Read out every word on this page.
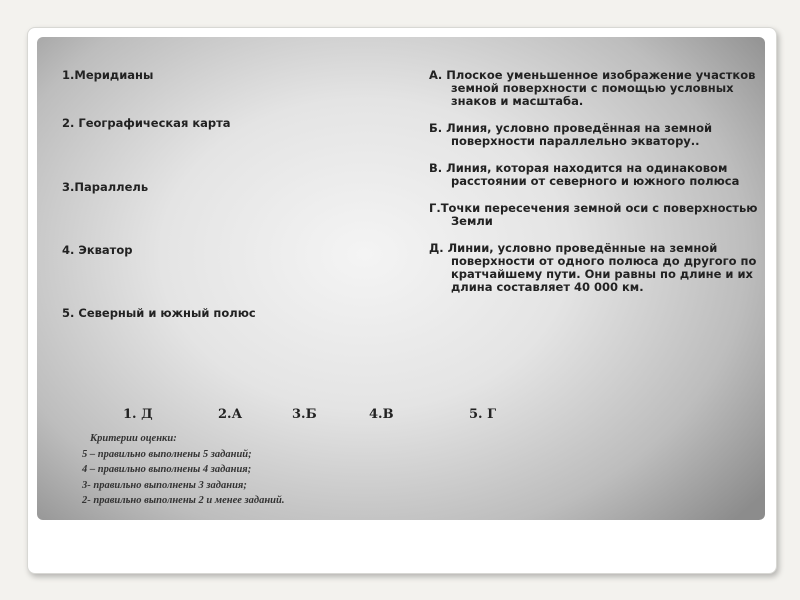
1.Меридианы
2. Географическая карта
3.Параллель
4. Экватор
5. Северный и южный полюс
А. Плоское уменьшенное изображение участков земной поверхности с помощью условных знаков и масштаба.
Б. Линия, условно проведённая на земной поверхности параллельно экватору..
В. Линия, которая находится на одинаковом расстоянии от северного и южного полюса
Г.Точки пересечения земной оси с поверхностью Земли
Д. Линии, условно проведённые на земной поверхности от одного полюса до другого по кратчайшему пути. Они равны по длине и их длина составляет 40 000 км.
1. Д	2.А	3.Б	4.В	5. Г
Критерии оценки:
5 – правильно выполнены 5 заданий;
4 – правильно выполнены 4 задания;
3- правильно выполнены 3 задания;
2- правильно выполнены 2 и менее заданий.
